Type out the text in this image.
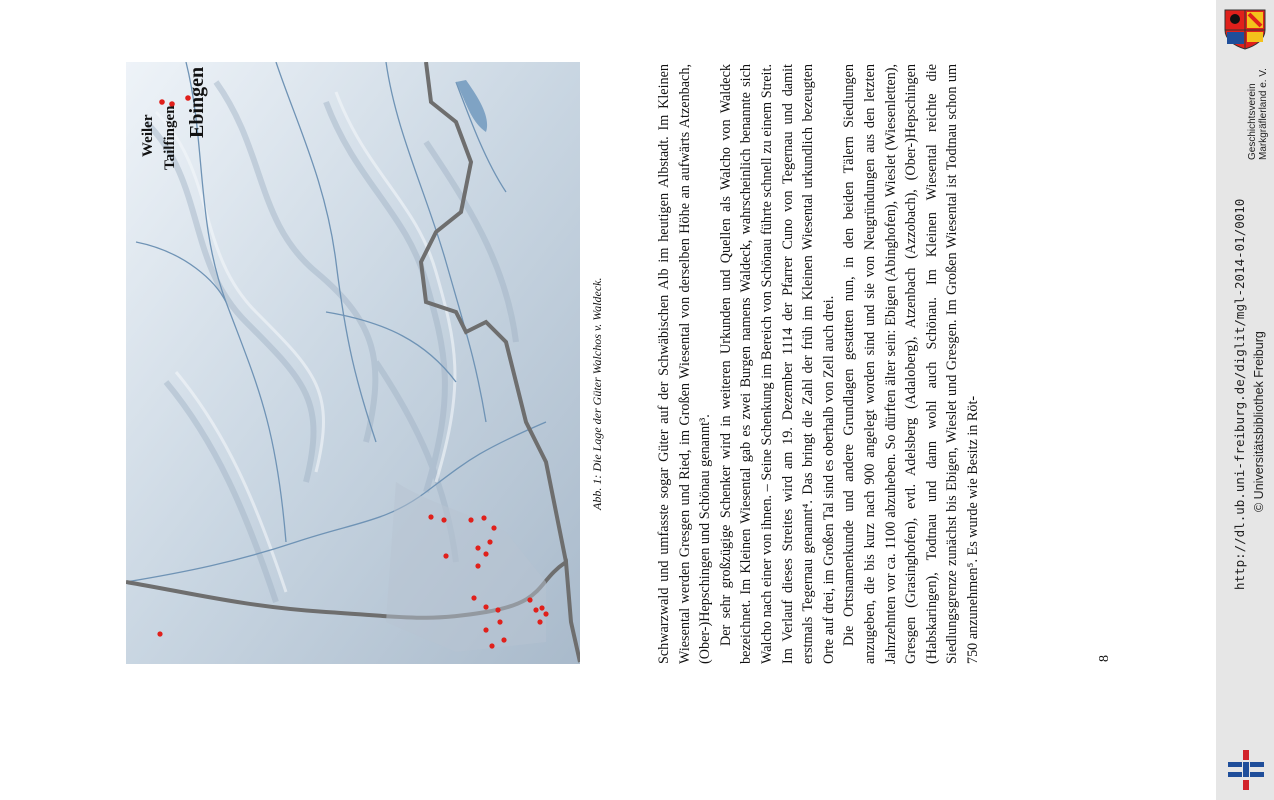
Weiler Tailfingen Ebingen
Abb. 1: Die Lage der Güter Walchos v. Waldeck.	Schwarzwald und umfasste sogar Güter auf der Schwäbischen Alb im heutigen Albstadt. Im Kleinen Wiesental werden Gresgen und Ried, im Großen Wiesental von derselben Höhe an aufwärts Atzenbach, (Ober-)Hepschingen und Schönau genannt³. Der sehr großzügige Schenker wird in weiteren Urkunden und Quellen als Walcho von Waldeck bezeichnet. Im Kleinen Wiesental gab es zwei Burgen namens Waldeck, wahrscheinlich benannte sich Walcho nach einer von ihnen. – Seine Schenkung im Bereich von Schönau führte schnell zu einem Streit. Im Verlauf dieses Streites wird am 19. Dezember 1114 der Pfarrer Cuno von Tegernau und damit erstmals Tegernau genannt⁴. Das bringt die Zahl der früh im Kleinen Wiesental urkundlich bezeugten Orte auf drei, im Großen Tal sind es oberhalb von Zell auch drei. Die Ortsnamenkunde und andere Grundlagen gestatten nun, in den beiden Tälern Siedlungen anzugeben, die bis kurz nach 900 angelegt worden sind und sie von Neugründungen aus den letzten Jahrzehnten vor ca. 1100 abzuheben. So dürften älter sein: Ebigen (Abinghofen), Wieslet (Wiesenletten), Gresgen (Grasinghofen), evtl. Adelsberg (Adaloberg), Atzenbach (Azzobach), (Ober-)Hepschingen (Habskaringen), Todtnau und dann wohl auch Schönau. Im Kleinen Wiesental reichte die Siedlungsgrenze zunächst bis Ebigen, Wieslet und Gresgen. Im Großen Wiesental ist Todtnau schon um 750 anzunehmen⁵. Es wurde wie Besitz in Röt-	8
Geschichtsverein Markgräflerland e. V.
http://dl.ub.uni-freiburg.de/diglit/mgl-2014-01/0010 © Universitätsbibliothek Freiburg
